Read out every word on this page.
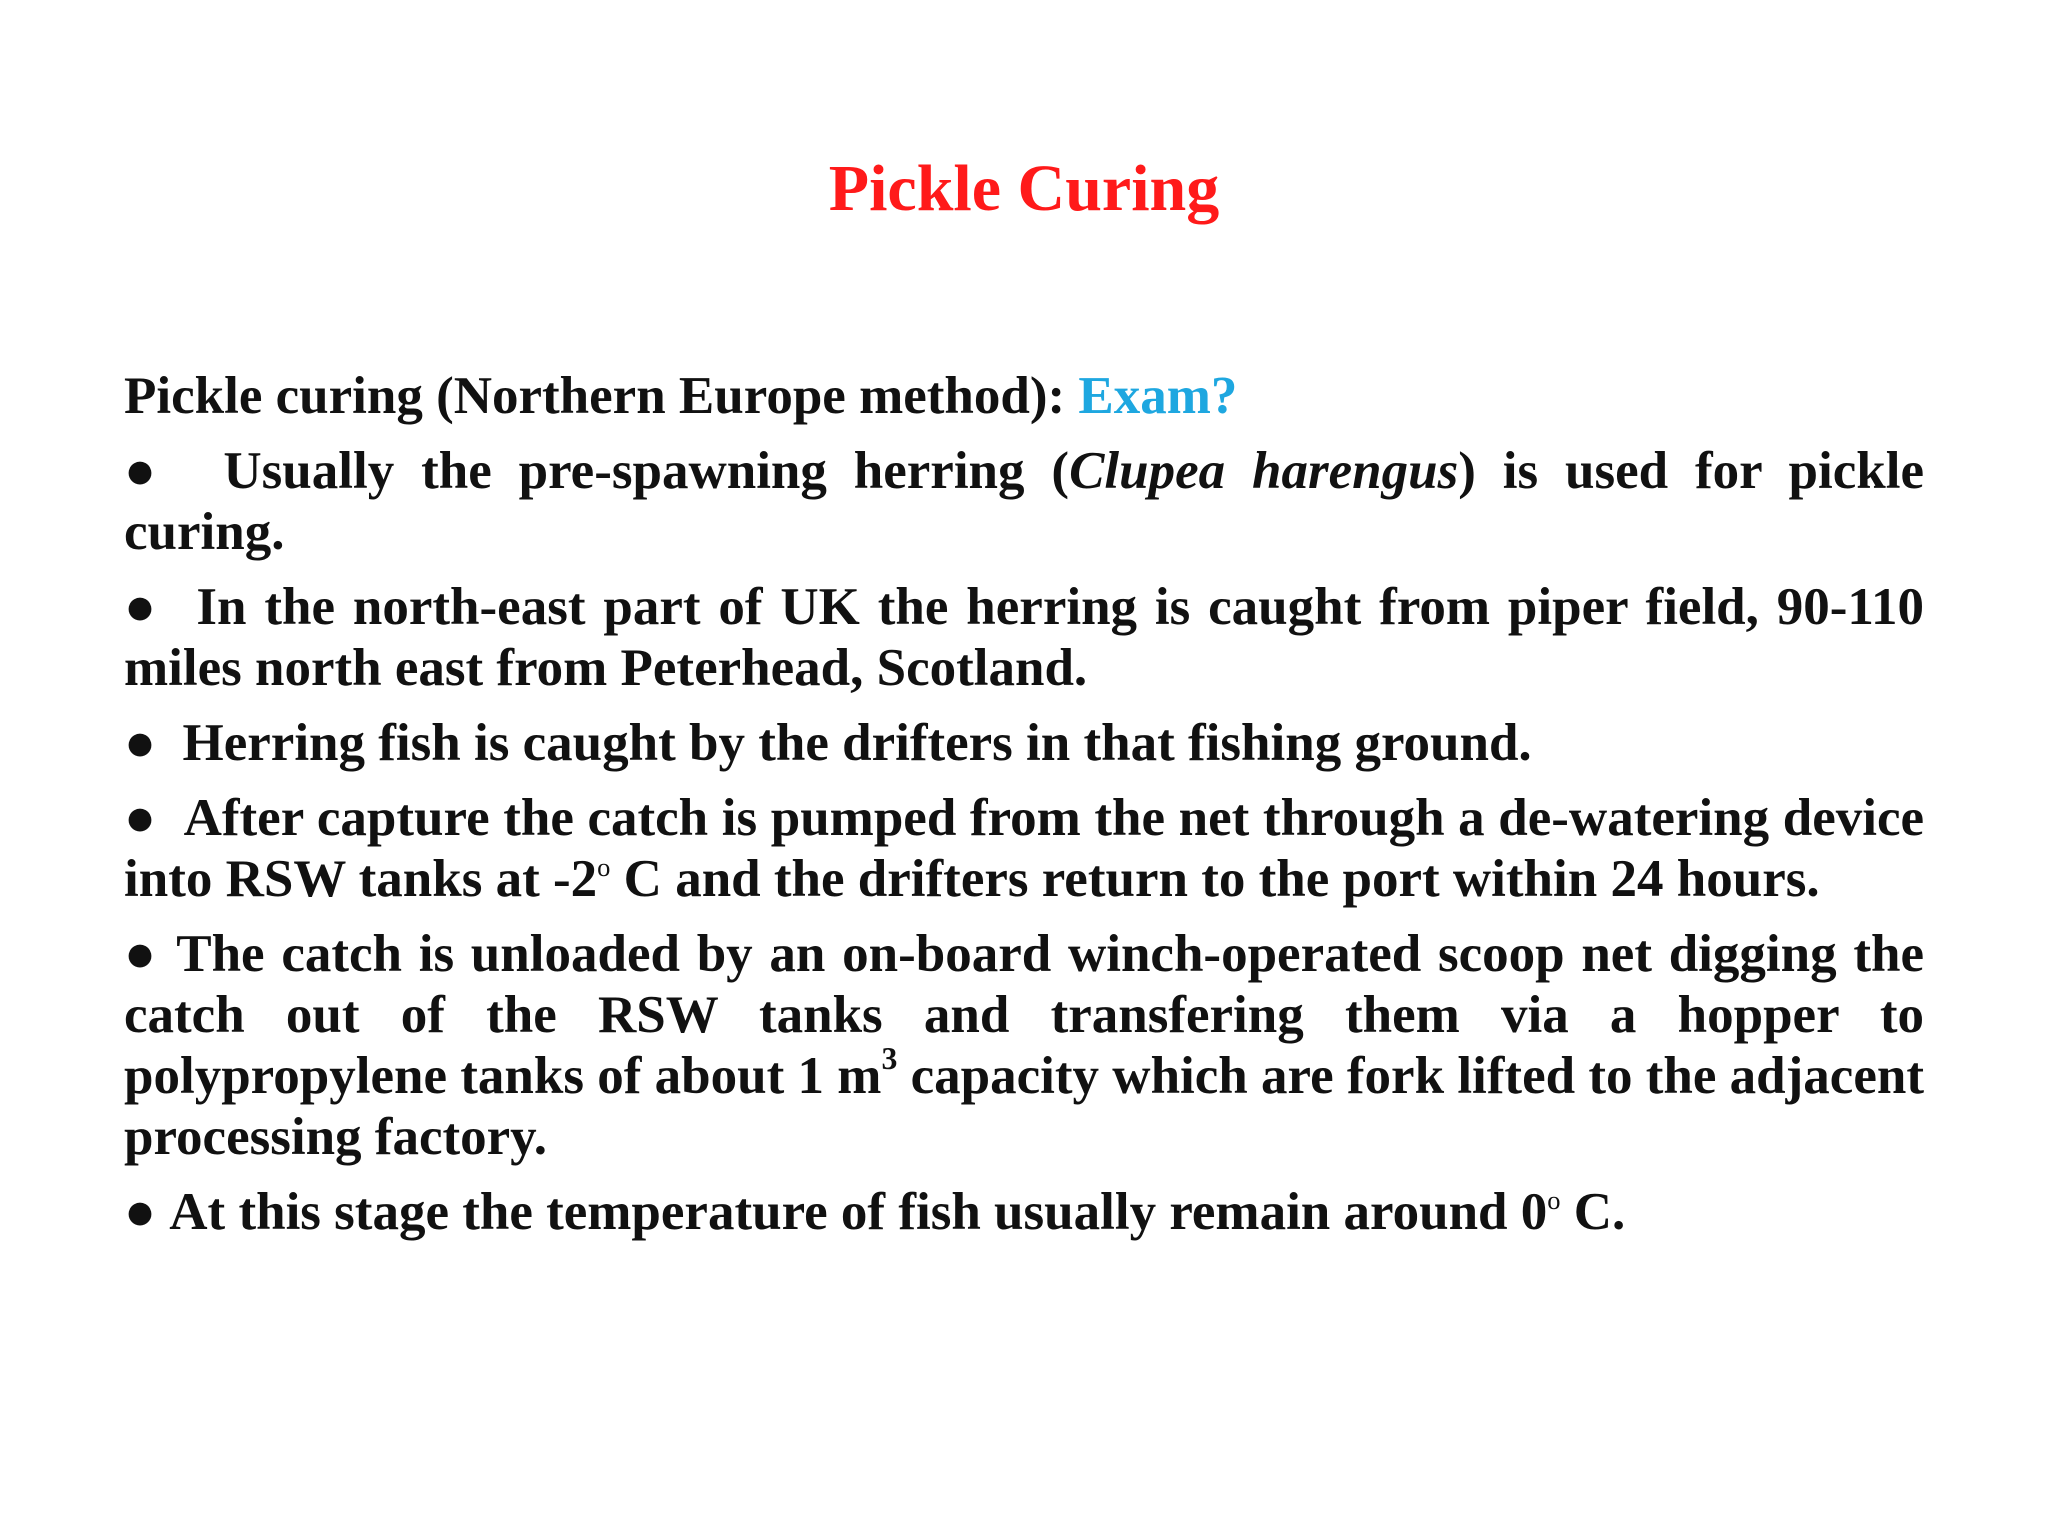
Pickle Curing

Pickle curing (Northern Europe method): Exam?

● Usually the pre-spawning herring (Clupea harengus) is used for pickle curing.

● In the north-east part of UK the herring is caught from piper field, 90-110 miles north east from Peterhead, Scotland.

● Herring fish is caught by the drifters in that fishing ground.

● After capture the catch is pumped from the net through a de-watering device into RSW tanks at -2$^o$ C and the drifters return to the port within 24 hours.

● The catch is unloaded by an on-board winch-operated scoop net digging the catch out of the RSW tanks and transfering them via a hopper to polypropylene tanks of about 1 $m^3$ capacity which are fork lifted to the adjacent processing factory.

● At this stage the temperature of fish usually remain around 0$^o$ C.
